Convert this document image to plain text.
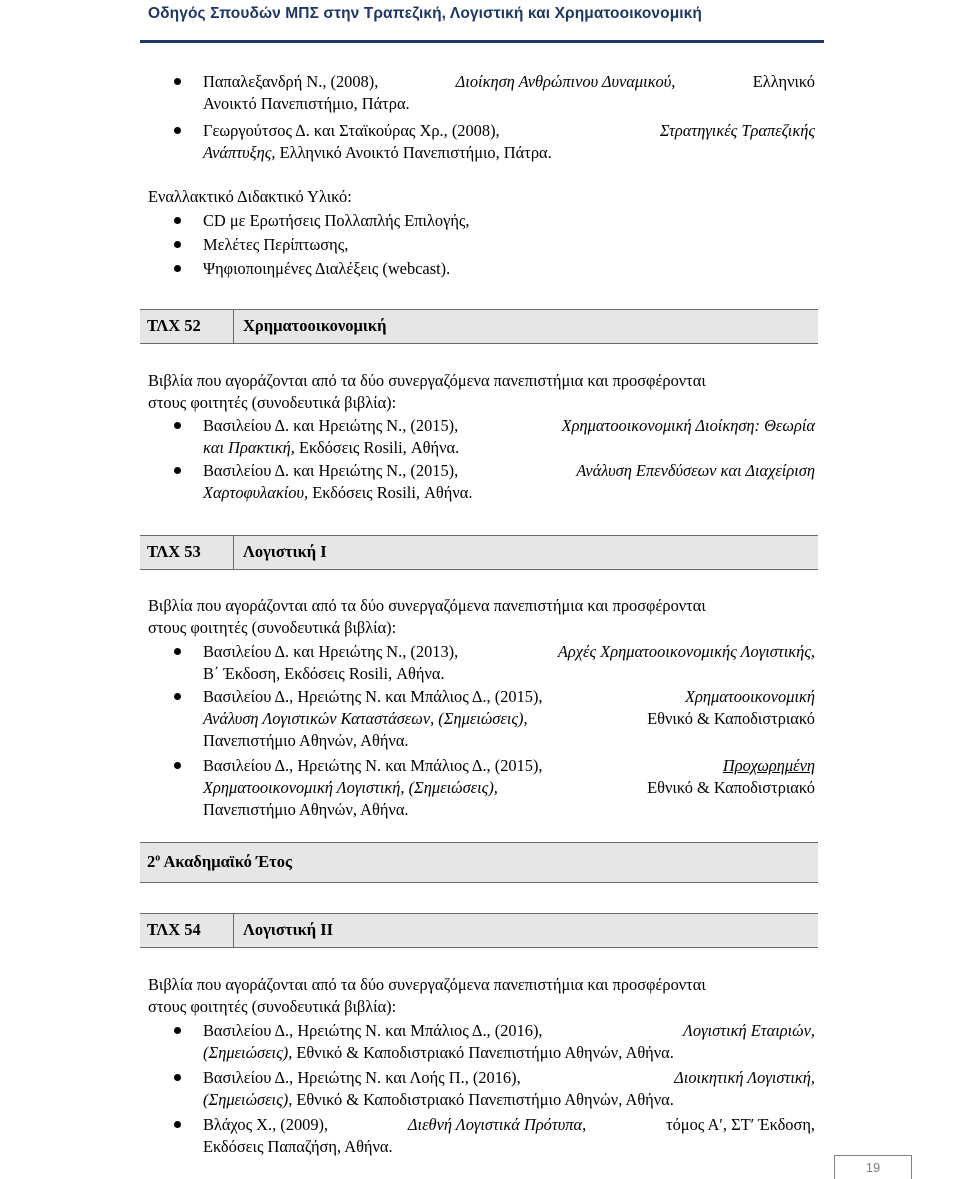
Οδηγός Σπουδών ΜΠΣ στην Τραπεζική, Λογιστική και Χρηματοοικονομική
Παπαλεξανδρή Ν., (2008),	Διοίκηση Ανθρώπινου Δυναμικού,	Ελληνικό
Ανοικτό Πανεπιστήμιο, Πάτρα.
Γεωργούτσος Δ. και Σταϊκούρας Χρ., (2008),	Στρατηγικές Τραπεζικής
Ανάπτυξης, Ελληνικό Ανοικτό Πανεπιστήμιο, Πάτρα.
Εναλλακτικό Διδακτικό Υλικό:
CD με Ερωτήσεις Πολλαπλής Επιλογής,
Μελέτες Περίπτωσης,
Ψηφιοποιημένες Διαλέξεις (webcast).
ΤΛΧ 52	Χρηματοοικονομική
Βιβλία που αγοράζονται από τα δύο συνεργαζόμενα πανεπιστήμια και προσφέρονται
στους φοιτητές (συνοδευτικά βιβλία):
Βασιλείου Δ. και Ηρειώτης Ν., (2015),	Χρηματοοικονομική Διοίκηση: Θεωρία
και Πρακτική, Εκδόσεις Rosili, Αθήνα.
Βασιλείου Δ. και Ηρειώτης Ν., (2015),	Ανάλυση Επενδύσεων και Διαχείριση
Χαρτοφυλακίου, Εκδόσεις Rosili, Αθήνα.
ΤΛΧ 53	Λογιστική Ι
Βιβλία που αγοράζονται από τα δύο συνεργαζόμενα πανεπιστήμια και προσφέρονται
στους φοιτητές (συνοδευτικά βιβλία):
Βασιλείου Δ. και Ηρειώτης Ν., (2013),	Αρχές Χρηματοοικονομικής Λογιστικής,
Β΄ Έκδοση, Εκδόσεις Rosili, Αθήνα.
Βασιλείου Δ., Ηρειώτης Ν. και Μπάλιος Δ., (2015),	Χρηματοοικονομική
Ανάλυση Λογιστικών Καταστάσεων, (Σημειώσεις),	Εθνικό & Καποδιστριακό
Πανεπιστήμιο Αθηνών, Αθήνα.
Βασιλείου Δ., Ηρειώτης Ν. και Μπάλιος Δ., (2015),	Προχωρημένη
Χρηματοοικονομική Λογιστική, (Σημειώσεις),	Εθνικό & Καποδιστριακό
Πανεπιστήμιο Αθηνών, Αθήνα.
$2^o$ Ακαδημαϊκό Έτος
ΤΛΧ 54	Λογιστική ΙΙ
Βιβλία που αγοράζονται από τα δύο συνεργαζόμενα πανεπιστήμια και προσφέρονται
στους φοιτητές (συνοδευτικά βιβλία):
Βασιλείου Δ., Ηρειώτης Ν. και Μπάλιος Δ., (2016),	Λογιστική Εταιριών,
(Σημειώσεις), Εθνικό & Καποδιστριακό Πανεπιστήμιο Αθηνών, Αθήνα.
Βασιλείου Δ., Ηρειώτης Ν. και Λοής Π., (2016),	Διοικητική Λογιστική,
(Σημειώσεις), Εθνικό & Καποδιστριακό Πανεπιστήμιο Αθηνών, Αθήνα.
Βλάχος Χ., (2009),	Διεθνή Λογιστικά Πρότυπα,	τόμος Α′, ΣΤ′ Έκδοση,
Εκδόσεις Παπαζήση, Αθήνα.
19
